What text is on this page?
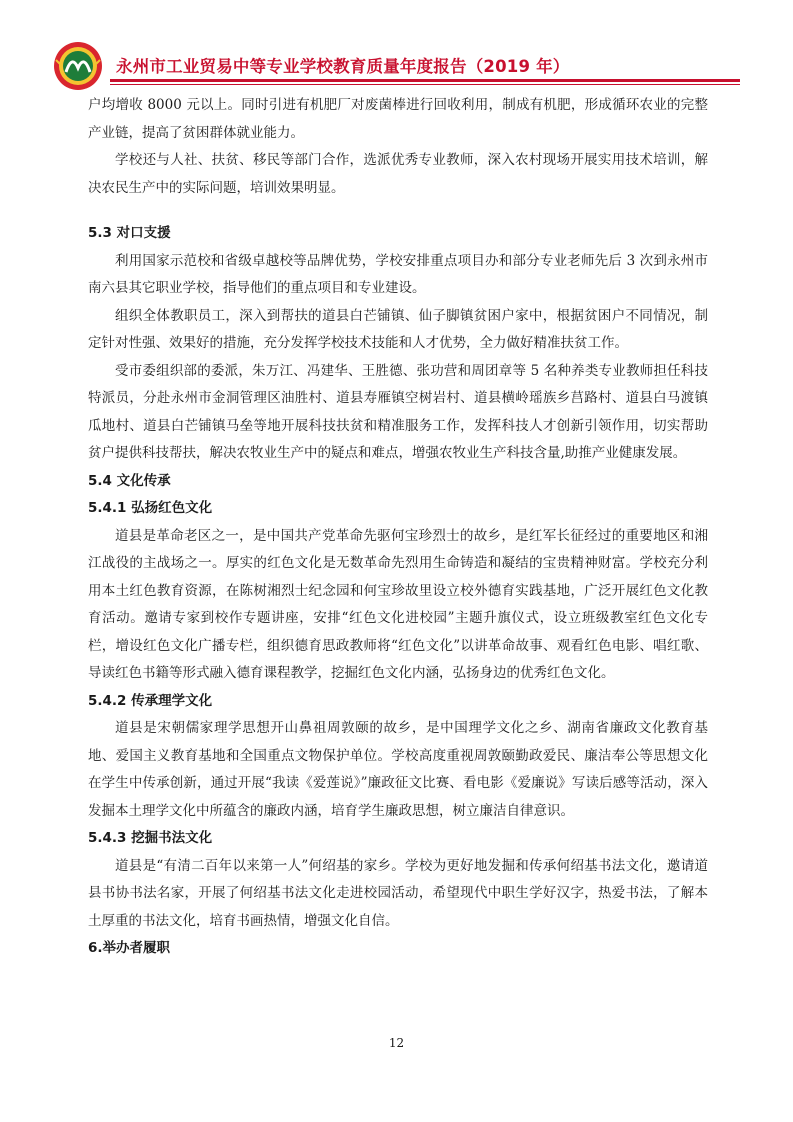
永州市工业贸易中等专业学校教育质量年度报告（2019 年）

户均增收 8000 元以上。同时引进有机肥厂对废菌棒进行回收利用，制成有机肥，形成循环农业的完整产业链，提高了贫困群体就业能力。

学校还与人社、扶贫、移民等部门合作，选派优秀专业教师，深入农村现场开展实用技术培训，解决农民生产中的实际问题，培训效果明显。

5.3 对口支援

利用国家示范校和省级卓越校等品牌优势，学校安排重点项目办和部分专业老师先后 3 次到永州市南六县其它职业学校，指导他们的重点项目和专业建设。

组织全体教职员工，深入到帮扶的道县白芒铺镇、仙子脚镇贫困户家中，根据贫困户不同情况，制定针对性强、效果好的措施，充分发挥学校技术技能和人才优势，全力做好精准扶贫工作。

受市委组织部的委派，朱万江、冯建华、王胜德、张功营和周团章等 5 名种养类专业教师担任科技特派员，分赴永州市金洞管理区油胜村、道县寿雁镇空树岩村、道县横岭瑶族乡莒路村、道县白马渡镇瓜地村、道县白芒铺镇马垒等地开展科技扶贫和精准服务工作，发挥科技人才创新引领作用，切实帮助贫户提供科技帮扶，解决农牧业生产中的疑点和难点，增强农牧业生产科技含量,助推产业健康发展。

5.4 文化传承
5.4.1 弘扬红色文化

道县是革命老区之一，是中国共产党革命先驱何宝珍烈士的故乡，是红军长征经过的重要地区和湘江战役的主战场之一。厚实的红色文化是无数革命先烈用生命铸造和凝结的宝贵精神财富。学校充分利用本土红色教育资源，在陈树湘烈士纪念园和何宝珍故里设立校外德育实践基地，广泛开展红色文化教育活动。邀请专家到校作专题讲座，安排“红色文化进校园”主题升旗仪式，设立班级教室红色文化专栏，增设红色文化广播专栏，组织德育思政教师将“红色文化”以讲革命故事、观看红色电影、唱红歌、导读红色书籍等形式融入德育课程教学，挖掘红色文化内涵，弘扬身边的优秀红色文化。

5.4.2 传承理学文化

道县是宋朝儒家理学思想开山鼻祖周敦颐的故乡，是中国理学文化之乡、湖南省廉政文化教育基地、爱国主义教育基地和全国重点文物保护单位。学校高度重视周敦颐勤政爱民、廉洁奉公等思想文化在学生中传承创新，通过开展“我读《爱莲说》”廉政征文比赛、看电影《爱廉说》写读后感等活动，深入发掘本土理学文化中所蕴含的廉政内涵，培育学生廉政思想，树立廉洁自律意识。

5.4.3 挖掘书法文化

道县是“有清二百年以来第一人”何绍基的家乡。学校为更好地发掘和传承何绍基书法文化，邀请道县书协书法名家，开展了何绍基书法文化走进校园活动，希望现代中职生学好汉字，热爱书法，了解本土厚重的书法文化，培育书画热情，增强文化自信。

6.举办者履职
12
